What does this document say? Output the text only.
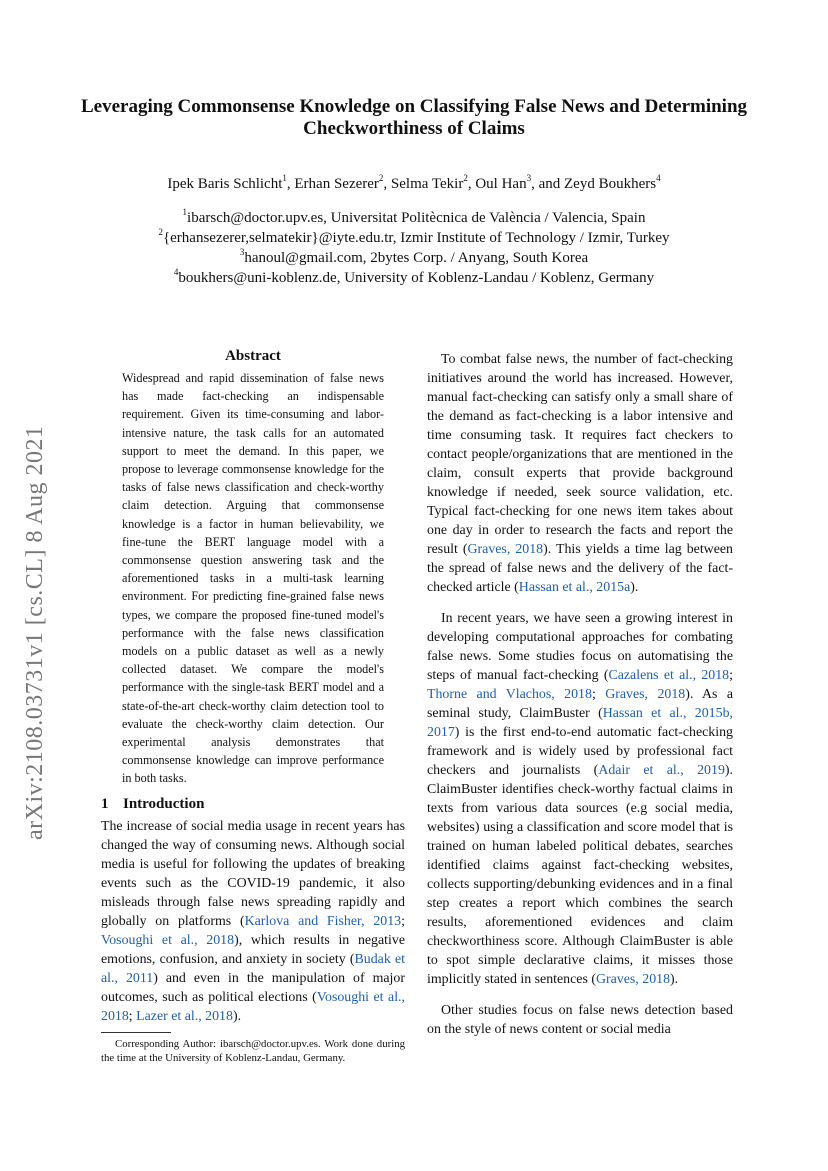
Leveraging Commonsense Knowledge on Classifying False News and Determining Checkworthiness of Claims
Ipek Baris Schlicht$^1$, Erhan Sezerer$^2$, Selma Tekir$^2$, Oul Han$^3$, and Zeyd Boukhers$^4$
$^1$ibarsch@doctor.upv.es, Universitat Politècnica de València / Valencia, Spain
$^2${erhansezerer,selmatekir}@iyte.edu.tr, Izmir Institute of Technology / Izmir, Turkey
$^3$hanoul@gmail.com, 2bytes Corp. / Anyang, South Korea
$^4$boukhers@uni-koblenz.de, University of Koblenz-Landau / Koblenz, Germany
arXiv:2108.03731v1 [cs.CL] 8 Aug 2021
Abstract

Widespread and rapid dissemination of false news has made fact-checking an indispensable requirement. Given its time-consuming and labor-intensive nature, the task calls for an automated support to meet the demand. In this paper, we propose to leverage commonsense knowledge for the tasks of false news classification and check-worthy claim detection. Arguing that commonsense knowledge is a factor in human believability, we fine-tune the BERT language model with a commonsense question answering task and the aforementioned tasks in a multi-task learning environment. For predicting fine-grained false news types, we compare the proposed fine-tuned model's performance with the false news classification models on a public dataset as well as a newly collected dataset. We compare the model's performance with the single-task BERT model and a state-of-the-art check-worthy claim detection tool to evaluate the check-worthy claim detection. Our experimental analysis demonstrates that commonsense knowledge can improve performance in both tasks.

1 Introduction

The increase of social media usage in recent years has changed the way of consuming news. Although social media is useful for following the updates of breaking events such as the COVID-19 pandemic, it also misleads through false news spreading rapidly and globally on platforms (Karlova and Fisher, 2013; Vosoughi et al., 2018), which results in negative emotions, confusion, and anxiety in society (Budak et al., 2011) and even in the manipulation of major outcomes, such as political elections (Vosoughi et al., 2018; Lazer et al., 2018).

Corresponding Author: ibarsch@doctor.upv.es. Work done during the time at the University of Koblenz-Landau, Germany.

To combat false news, the number of fact-checking initiatives around the world has increased. However, manual fact-checking can satisfy only a small share of the demand as fact-checking is a labor intensive and time consuming task. It requires fact checkers to contact people/organizations that are mentioned in the claim, consult experts that provide background knowledge if needed, seek source validation, etc. Typical fact-checking for one news item takes about one day in order to research the facts and report the result (Graves, 2018). This yields a time lag between the spread of false news and the delivery of the fact-checked article (Hassan et al., 2015a).

In recent years, we have seen a growing interest in developing computational approaches for combating false news. Some studies focus on automatising the steps of manual fact-checking (Cazalens et al., 2018; Thorne and Vlachos, 2018; Graves, 2018). As a seminal study, ClaimBuster (Hassan et al., 2015b, 2017) is the first end-to-end automatic fact-checking framework and is widely used by professional fact checkers and journalists (Adair et al., 2019). ClaimBuster identifies check-worthy factual claims in texts from various data sources (e.g social media, websites) using a classification and score model that is trained on human labeled political debates, searches identified claims against fact-checking websites, collects supporting/debunking evidences and in a final step creates a report which combines the search results, aforementioned evidences and claim checkworthiness score. Although ClaimBuster is able to spot simple declarative claims, it misses those implicitly stated in sentences (Graves, 2018).

Other studies focus on false news detection based on the style of news content or social media
